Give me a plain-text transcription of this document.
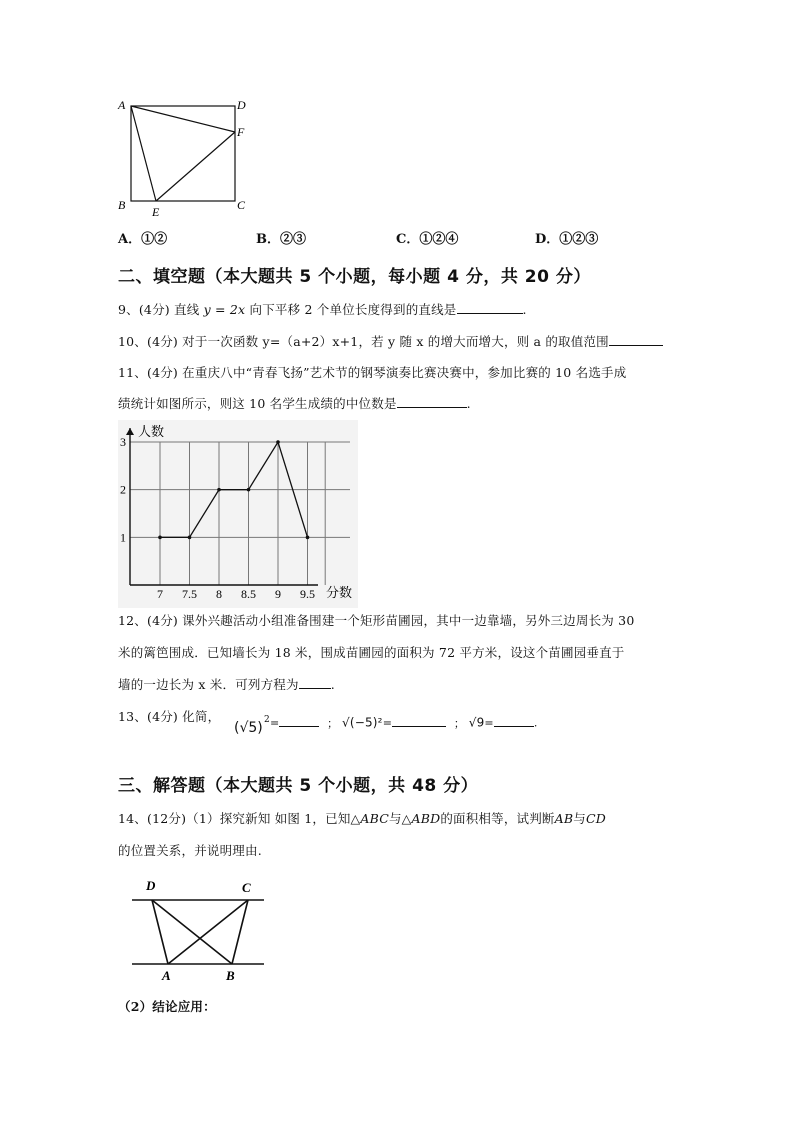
A	D
F
B E	C
A．①②	B．②③	C．①②④	D．①②③
二、填空题（本大题共 5 个小题，每小题 4 分，共 20 分）
9、(4分) 直线 y = 2x 向下平移 2 个单位长度得到的直线是	.
10、(4分) 对于一次函数 y=（a+2）x+1，若 y 随 x 的增大而增大，则 a 的取值范围
11、(4分) 在重庆八中“青春飞扬”艺术节的钢琴演奏比赛决赛中，参加比赛的 10 名选手成
绩统计如图所示，则这 10 名学生成绩的中位数是	.
7 7.5 8 8.5 9 9.5
1
2
3
人数
分数
12、(4分) 课外兴趣活动小组准备围建一个矩形苗圃园，其中一边靠墙，另外三边周长为 30
米的篱笆围成．已知墙长为 18 米，围成苗圃园的面积为 72 平方米，设这个苗圃园垂直于
墙的一边长为 x 米．可列方程为	.
13、(4分) 化简，
(√5) $^2$=	； √(−5)²=	； √9=	.
三、解答题（本大题共 5 个小题，共 48 分）
14、(12分)（1）探究新知 如图 1，已知△ABC与△ABD的面积相等，试判断AB与CD
的位置关系，并说明理由.
D	C
A	B
（2）结论应用：
